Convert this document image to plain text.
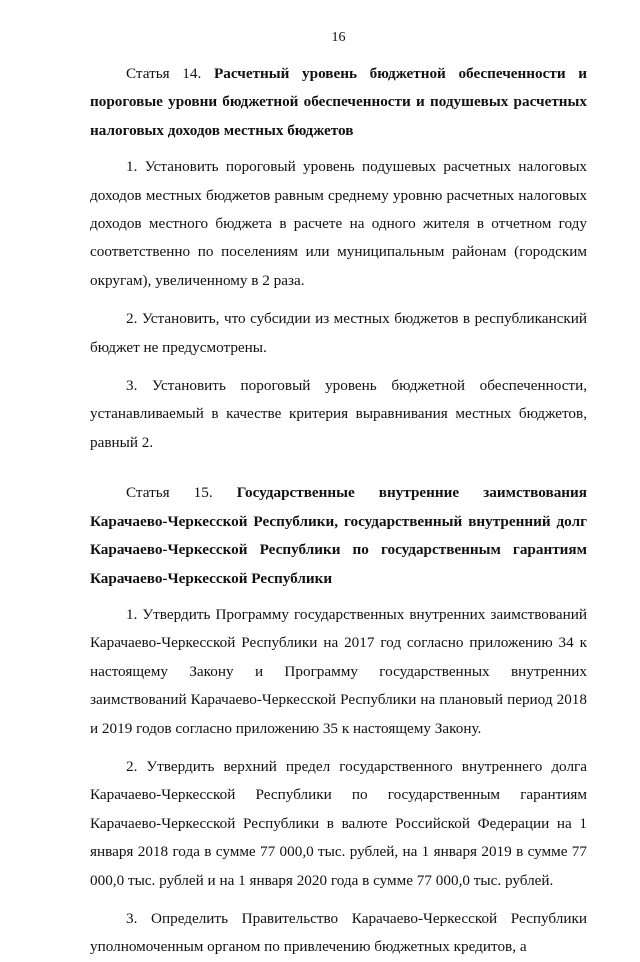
16

Статья 14. Расчетный уровень бюджетной обеспеченности и пороговые уровни бюджетной обеспеченности и подушевых расчетных налоговых доходов местных бюджетов

1. Установить пороговый уровень подушевых расчетных налоговых доходов местных бюджетов равным среднему уровню расчетных налоговых доходов местного бюджета в расчете на одного жителя в отчетном году соответственно по поселениям или муниципальным районам (городским округам), увеличенному в 2 раза.

2. Установить, что субсидии из местных бюджетов в республиканский бюджет не предусмотрены.

3. Установить пороговый уровень бюджетной обеспеченности, устанавливаемый в качестве критерия выравнивания местных бюджетов, равный 2.

Статья 15. Государственные внутренние заимствования Карачаево-Черкесской Республики, государственный внутренний долг Карачаево-Черкесской Республики по государственным гарантиям Карачаево-Черкесской Республики

1. Утвердить Программу государственных внутренних заимствований Карачаево-Черкесской Республики на 2017 год согласно приложению 34 к настоящему Закону и Программу государственных внутренних заимствований Карачаево-Черкесской Республики на плановый период 2018 и 2019 годов согласно приложению 35 к настоящему Закону.

2. Утвердить верхний предел государственного внутреннего долга Карачаево-Черкесской Республики по государственным гарантиям Карачаево-Черкесской Республики в валюте Российской Федерации на 1 января 2018 года в сумме 77 000,0 тыс. рублей, на 1 января 2019 в сумме 77 000,0 тыс. рублей и на 1 января 2020 года в сумме 77 000,0 тыс. рублей.

3. Определить Правительство Карачаево-Черкесской Республики уполномоченным органом по привлечению бюджетных кредитов, а
